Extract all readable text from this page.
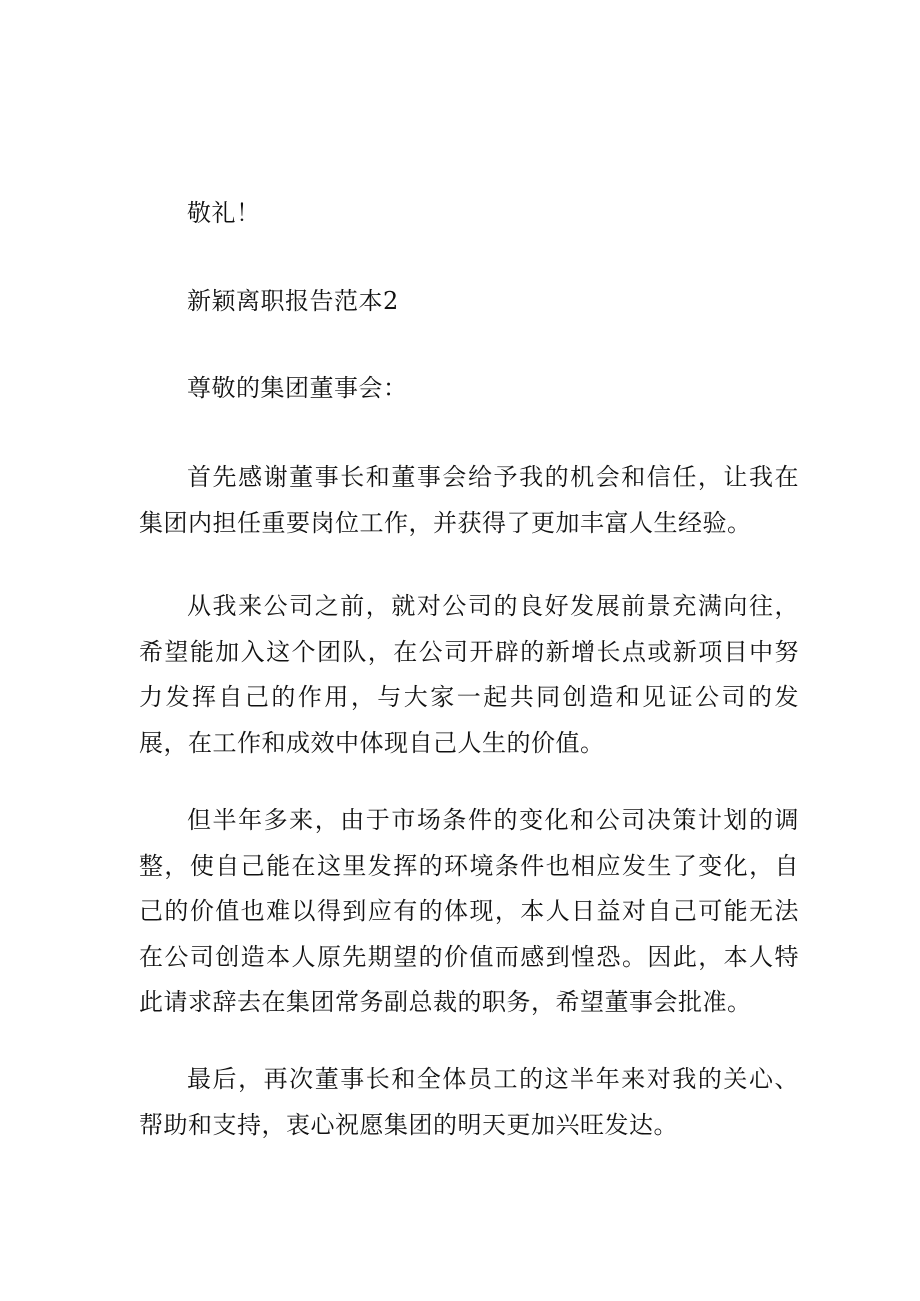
敬礼！
新颖离职报告范本2
尊敬的集团董事会：

首先感谢董事长和董事会给予我的机会和信任，让我在集团内担任重要岗位工作，并获得了更加丰富人生经验。

从我来公司之前，就对公司的良好发展前景充满向往，希望能加入这个团队，在公司开辟的新增长点或新项目中努力发挥自己的作用，与大家一起共同创造和见证公司的发展，在工作和成效中体现自己人生的价值。

但半年多来，由于市场条件的变化和公司决策计划的调整，使自己能在这里发挥的环境条件也相应发生了变化，自己的价值也难以得到应有的体现，本人日益对自己可能无法在公司创造本人原先期望的价值而感到惶恐。因此，本人特此请求辞去在集团常务副总裁的职务，希望董事会批准。

最后，再次董事长和全体员工的这半年来对我的关心、帮助和支持，衷心祝愿集团的明天更加兴旺发达。
